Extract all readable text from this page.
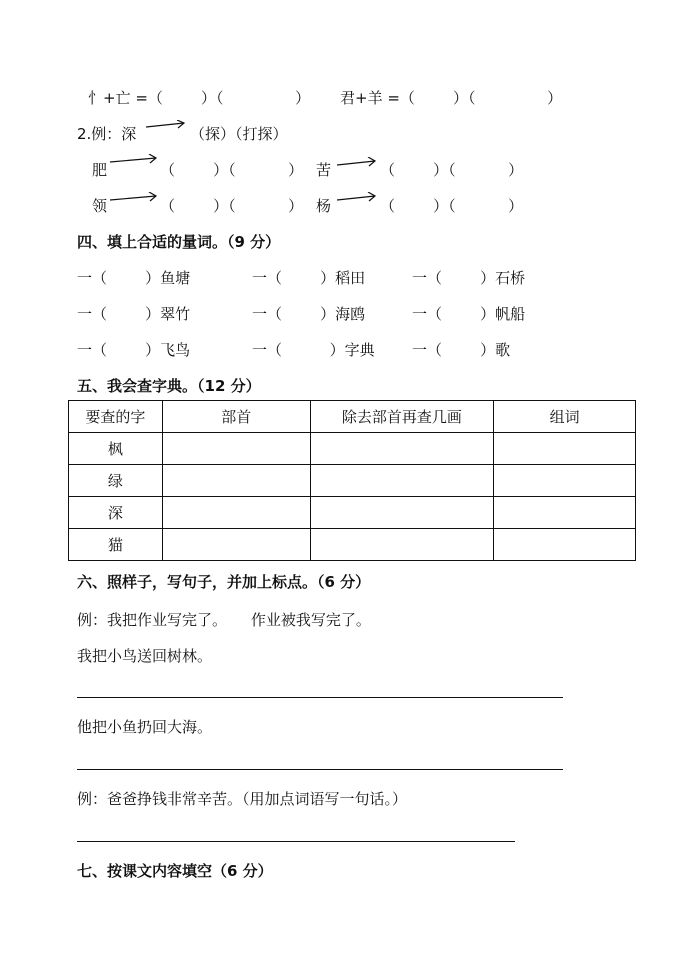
忄+亡 =（        ）（               ） 君+羊 =（        ）（               ）
2.例：深	（探）（打探）
肥	（        ）（           ） 苦	（        ）（           ）
领	（        ）（           ） 杨	（        ）（           ）
四、填上合适的量词。（9 分）
一（        ）鱼塘	一（        ）稻田	一（        ）石桥
一（        ）翠竹	一（        ）海鸥	一（        ）帆船
一（        ）飞鸟	一（          ）字典 一（        ）歌
五、我会查字典。（12 分）
要查的字	部首	除去部首再查几画	组词
枫			
绿			
深			
猫			
六、照样子，写句子，并加上标点。（6 分）
例：我把作业写完了。     作业被我写完了。
我把小鸟送回树林。
他把小鱼扔回大海。
例：爸爸挣钱非常辛苦。（用加点词语写一句话。）
七、按课文内容填空（6 分）
